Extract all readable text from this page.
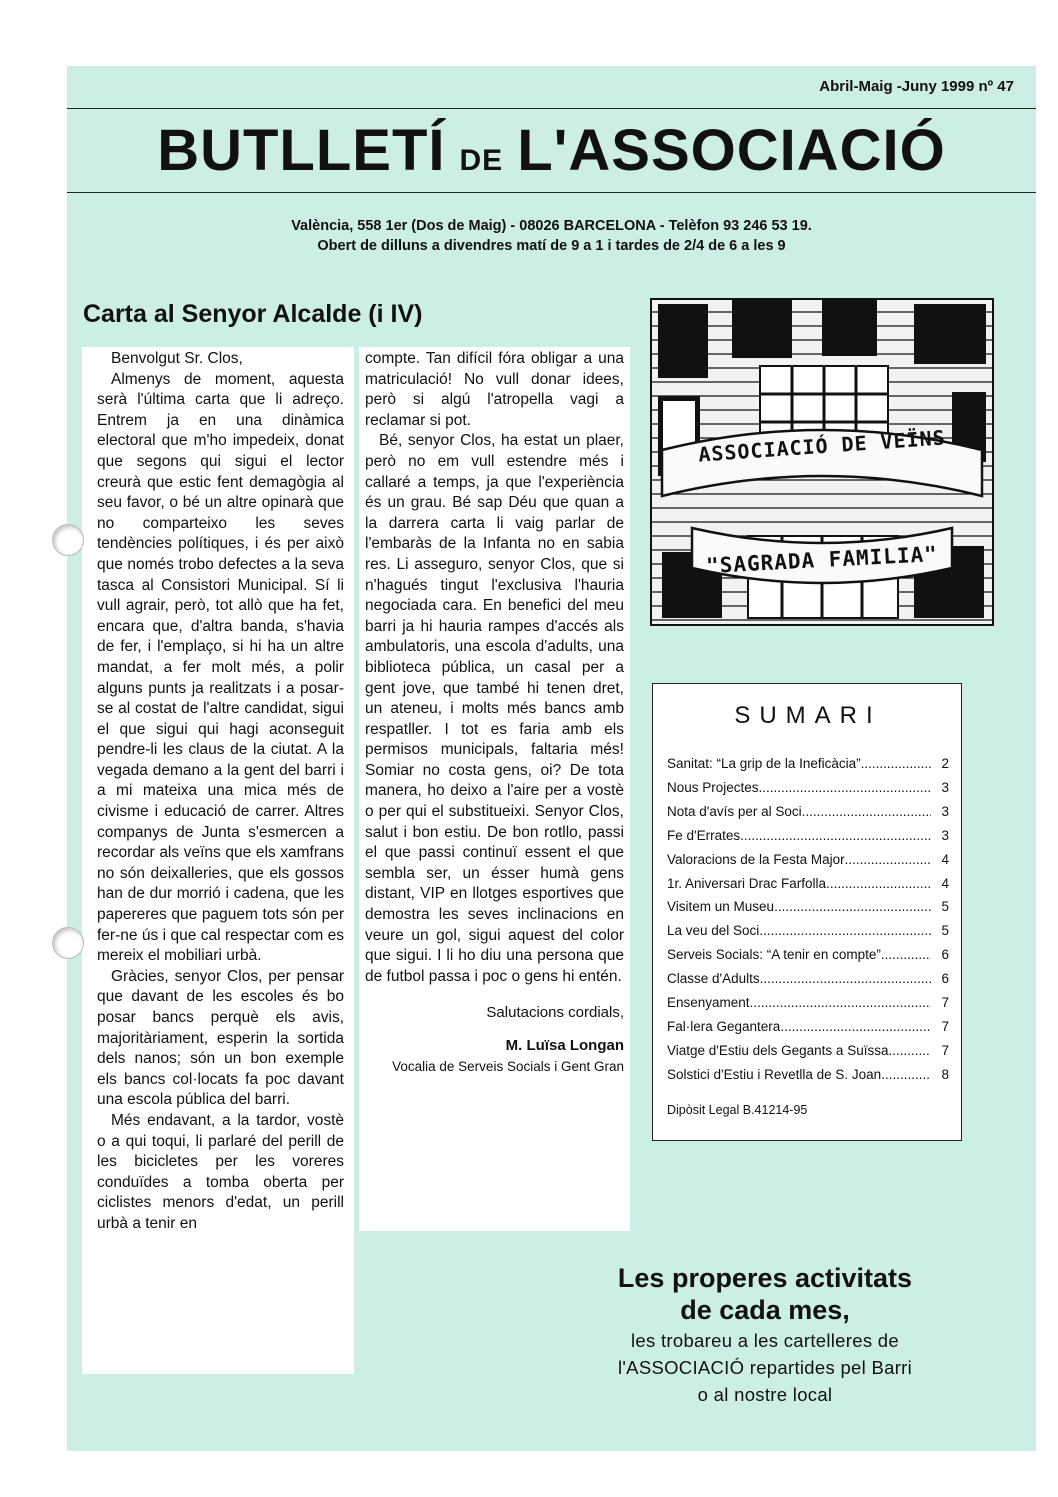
Abril-Maig -Juny 1999 nº 47
BUTLLETÍ DE L'ASSOCIACIÓ
València, 558 1er (Dos de Maig) - 08026 BARCELONA - Telèfon 93 246 53 19.
Obert de dilluns a divendres matí de 9 a 1 i tardes de 2/4 de 6 a les 9
Carta al Senyor Alcalde (i IV)

Benvolgut Sr. Clos,

Almenys de moment, aquesta serà l'última carta que li adreço. Entrem ja en una dinàmica electoral que m'ho impedeix, donat que segons qui sigui el lector creurà que estic fent demagògia al seu favor, o bé un altre opinarà que no comparteixo les seves tendències polítiques, i és per això que només trobo defectes a la seva tasca al Consistori Municipal. Sí li vull agrair, però, tot allò que ha fet, encara que, d'altra banda, s'havia de fer, i l'emplaço, si hi ha un altre mandat, a fer molt més, a polir alguns punts ja realitzats i a posar-se al costat de l'altre candidat, sigui el que sigui qui hagi aconseguit pendre-li les claus de la ciutat. A la vegada demano a la gent del barri i a mi mateixa una mica més de civisme i educació de carrer. Altres companys de Junta s'esmercen a recordar als veïns que els xamfrans no són deixalleries, que els gossos han de dur morrió i cadena, que les papereres que paguem tots són per fer-ne ús i que cal respectar com es mereix el mobiliari urbà.

Gràcies, senyor Clos, per pensar que davant de les escoles és bo posar bancs perquè els avis, majoritàriament, esperin la sortida dels nanos; són un bon exemple els bancs col·locats fa poc davant una escola pública del barri.

Més endavant, a la tardor, vostè o a qui toqui, li parlaré del perill de les bicicletes per les voreres conduïdes a tomba oberta per ciclistes menors d'edat, un perill urbà a tenir en

compte. Tan difícil fóra obligar a una matriculació! No vull donar idees, però si algú l'atropella vagi a reclamar si pot.

Bé, senyor Clos, ha estat un plaer, però no em vull estendre més i callaré a temps, ja que l'experiència és un grau. Bé sap Déu que quan a la darrera carta li vaig parlar de l'embaràs de la Infanta no en sabia res. Li asseguro, senyor Clos, que si n'hagués tingut l'exclusiva l'hauria negociada cara. En benefici del meu barri ja hi hauria rampes d'accés als ambulatoris, una escola d'adults, una biblioteca pública, un casal per a gent jove, que també hi tenen dret, un ateneu, i molts més bancs amb respatller. I tot es faria amb els permisos municipals, faltaria més! Somiar no costa gens, oi? De tota manera, ho deixo a l'aire per a vostè o per qui el substitueixi. Senyor Clos, salut i bon estiu. De bon rotllo, passi el que passi continuï essent el que sembla ser, un ésser humà gens distant, VIP en llotges esportives que demostra les seves inclinacions en veure un gol, sigui aquest del color que sigui. I li ho diu una persona que de futbol passa i poc o gens hi entén.

Salutacions cordials,
M. Luïsa Longan
Vocalia de Serveis Socials i Gent Gran
ASSOCIACIÓ DE VEÏNS
"SAGRADA FAMILIA"
SUMARI
Sanitat: “La grip de la Ineficàcia” .....	2
Nous Projectes .....	3
Nota d'avís per al Soci .....	3
Fe d'Errates .....	3
Valoracions de la Festa Major .....	4
1r. Aniversari Drac Farfolla .....	4
Visitem un Museu .....	5
La veu del Soci .....	5
Serveis Socials: “A tenir en compte” .....	6
Classe d'Adults .....	6
Ensenyament .....	7
Fal·lera Gegantera .....	7
Viatge d'Estiu dels Gegants a Suïssa .....	7
Solstici d'Estiu i Revetlla de S. Joan .....	8
Dipòsit Legal B.41214-95
Les properes activitats
de cada mes,
les trobareu a les cartelleres de
l'ASSOCIACIÓ repartides pel Barri
o al nostre local
